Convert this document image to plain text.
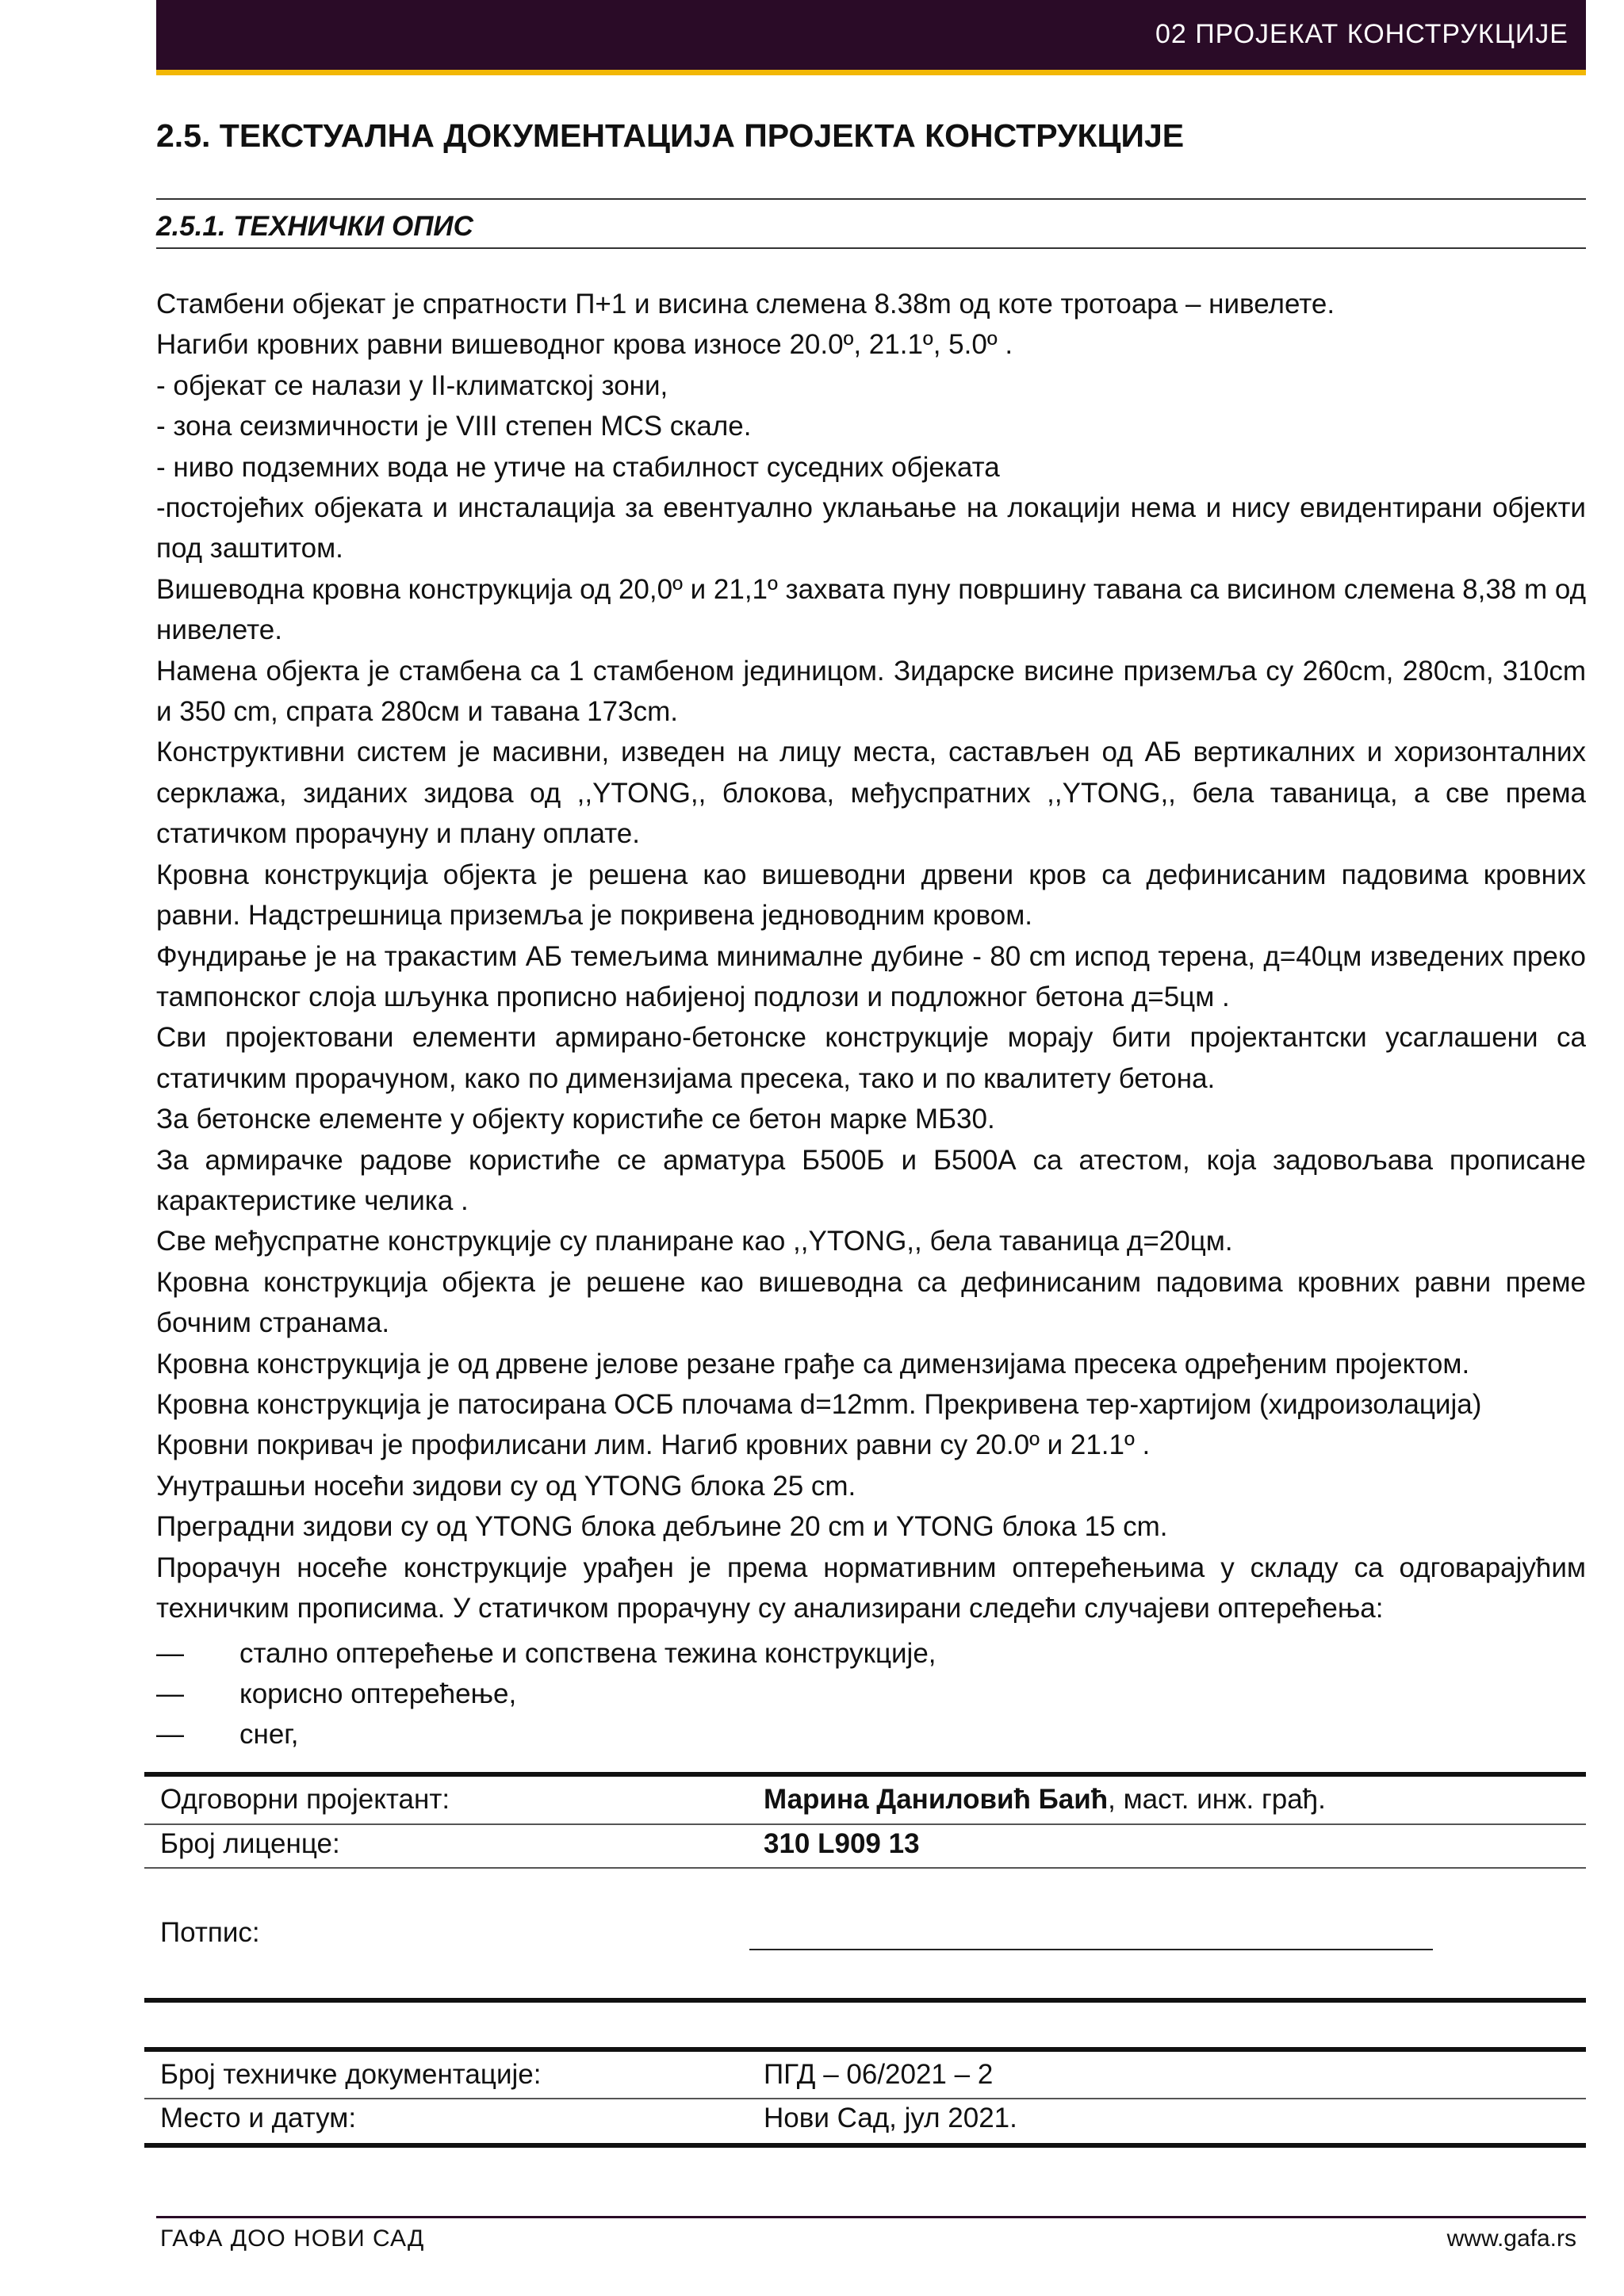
02 ПРОЈЕКАТ КОНСТРУКЦИЈЕ
2.5. ТЕКСТУАЛНА ДОКУМЕНТАЦИЈА ПРОЈЕКТА КОНСТРУКЦИЈЕ
2.5.1. ТЕХНИЧКИ ОПИС

Стамбени објекат је спратности П+1 и висина слемена 8.38m од коте тротоара – нивелете.

Нагиби кровних равни вишеводног крова износе 20.0º, 21.1º, 5.0º .

- објекат се налази у II-климатској зони,

- зона сеизмичности је VIII степен MCS скале.

- ниво подземних вода не утиче на стабилност суседних објеката

-постојећих објеката и инсталација за евентуално уклањање на локацији нема и нису евидентирани објекти под заштитом.

Вишеводна кровна конструкција од 20,0º и 21,1º захвата пуну површину тавана са висином слемена 8,38 m од нивелете.

Намена објекта је стамбена са 1 стамбеном јединицом. Зидарске висине приземља су 260cm, 280cm, 310cm и 350 cm, спрата 280см и тавана 173cm.

Конструктивни систем је масивни, изведен на лицу места, састављен од АБ вертикалних и хоризонталних серклажа, зиданих зидова од ,,YTONG,, блокова, међуспратних ,,YTONG,, бела таваница, а све према статичком прорачуну и плану оплате.

Кровна конструкција објекта је решена као вишеводни дрвени кров са дефинисаним падовима кровних равни. Надстрешница приземља је покривена једноводним кровом.

Фундирање је на тракастим АБ темељима минималне дубине - 80 cm испод терена, д=40цм изведених преко тампонског слоја шљунка прописно набијеној подлози и подложног бетона д=5цм .

Сви пројектовани елементи армирано-бетонске конструкције морају бити пројектантски усаглашени са статичким прорачуном, како по димензијама пресека, тако и по квалитету бетона.

За бетонске елементе у објекту користиће се бетон марке МБ30.

За армирачке радове користиће се арматура Б500Б и Б500А са атестом, која задовољава прописане карактеристике челика .

Све међуспратне конструкције су планиране као ,,YTONG,, бела таваница д=20цм.

Кровна конструкција објекта је решене као вишеводна са дефинисаним падовима кровних равни преме бочним странама.

Кровна конструкција је од дрвене јелове резане грађе са димензијама пресека одређеним пројектом.

Кровна конструкција је патосирана ОСБ плочама d=12mm. Прекривена тер-хартијом (хидроизолација)

Кровни покривач је профилисани лим. Нагиб кровних равни су 20.0º и 21.1º .

Унутрашњи носећи зидови су од YTONG блока 25 cm.

Преградни зидови су од YTONG блока дебљине 20 cm и YTONG блока 15 cm.

Прорачун носеће конструкције урађен је према нормативним оптерећењима у складу са одговарајућим техничким прописима. У статичком прорачуну су анализирани следећи случајеви оптерећења:

— стално оптерећење и сопствена тежина конструкције,
— корисно оптерећење,
— снег,
Одговорни пројектант:	Марина Даниловић Баић, маст. инж. грађ.
Број лиценце:	310 L909 13
Потпис:
Број техничке документације:	ПГД – 06/2021 – 2
Место и датум:	Нови Сад, јул 2021.
ГАФА ДОО НОВИ САД	www.gafa.rs
